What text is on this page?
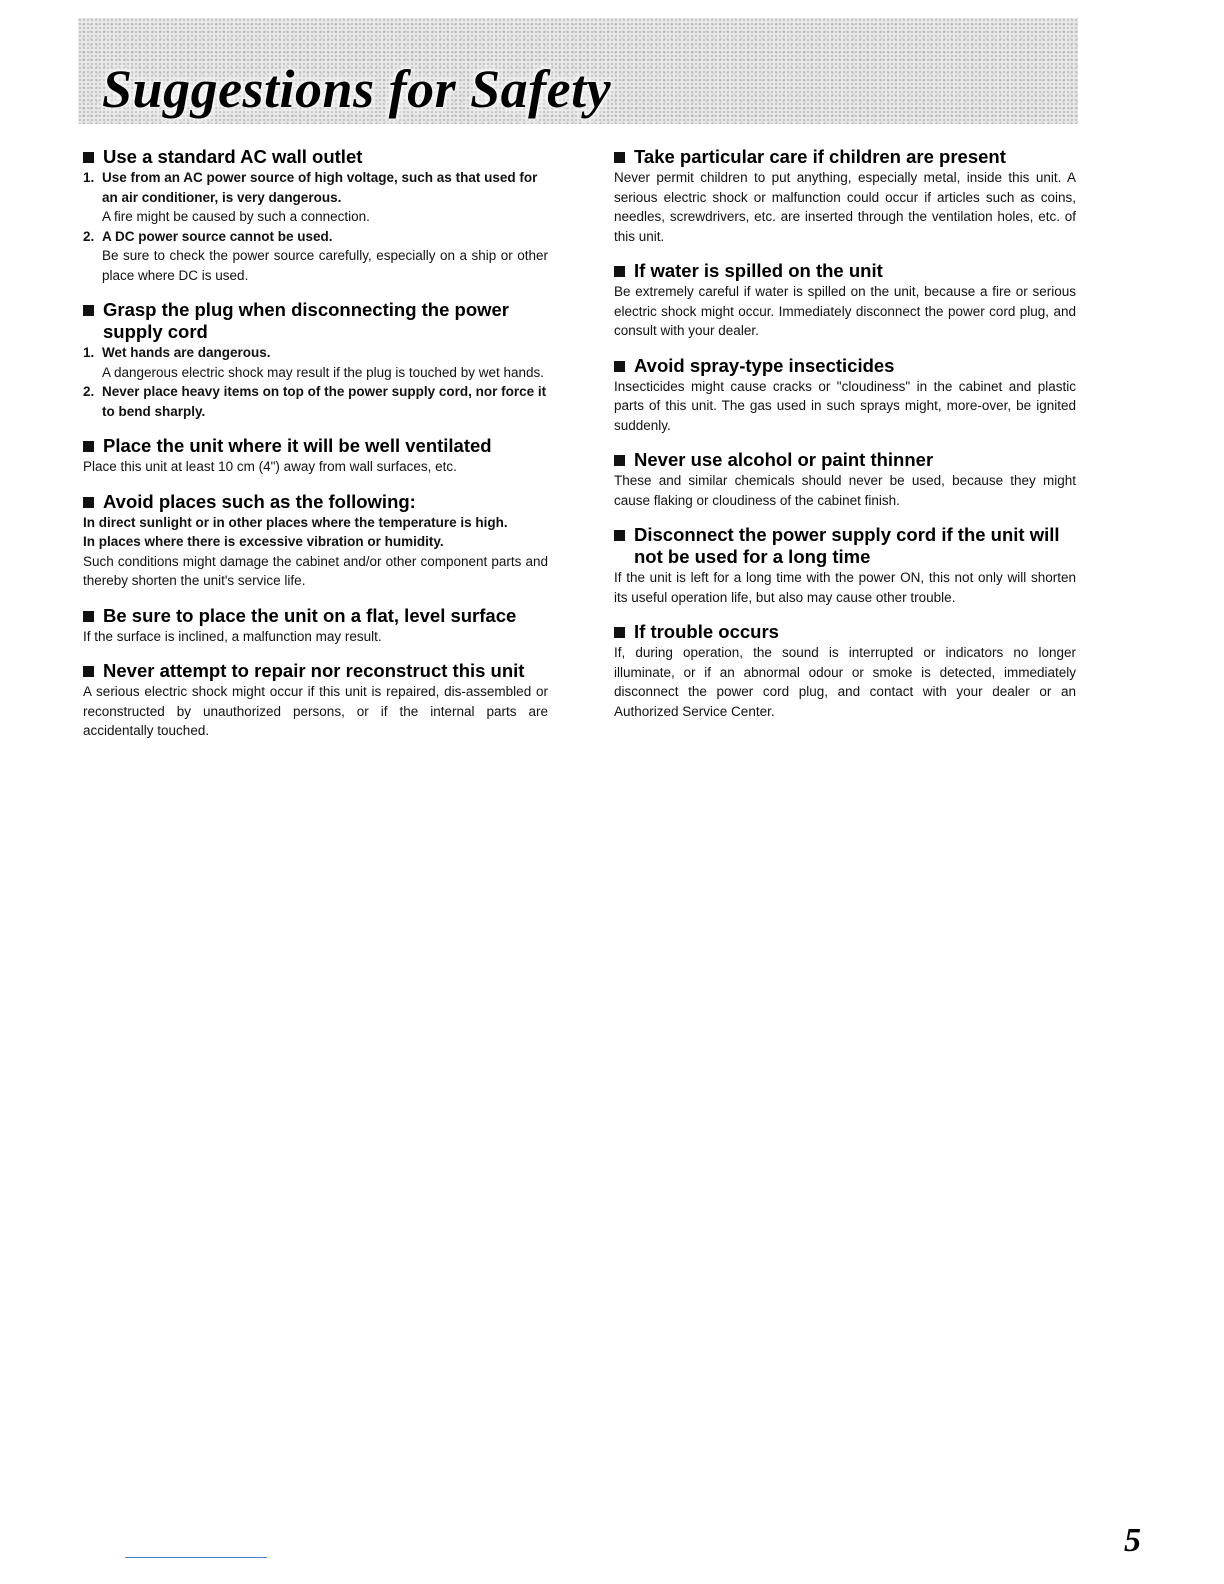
Suggestions for Safety
Use a standard AC wall outlet
1. Use from an AC power source of high voltage, such as that used for an air conditioner, is very dangerous.
A fire might be caused by such a connection.
2. A DC power source cannot be used.
Be sure to check the power source carefully, especially on a ship or other place where DC is used.
Grasp the plug when disconnecting the power supply cord
1. Wet hands are dangerous.
A dangerous electric shock may result if the plug is touched by wet hands.
2. Never place heavy items on top of the power supply cord, nor force it to bend sharply.
Place the unit where it will be well ventilated
Place this unit at least 10 cm (4") away from wall surfaces, etc.
Avoid places such as the following:
In direct sunlight or in other places where the temperature is high.
In places where there is excessive vibration or humidity.
Such conditions might damage the cabinet and/or other component parts and thereby shorten the unit's service life.
Be sure to place the unit on a flat, level surface
If the surface is inclined, a malfunction may result.
Never attempt to repair nor reconstruct this unit
A serious electric shock might occur if this unit is repaired, dis-assembled or reconstructed by unauthorized persons, or if the internal parts are accidentally touched.
Take particular care if children are present
Never permit children to put anything, especially metal, inside this unit. A serious electric shock or malfunction could occur if articles such as coins, needles, screwdrivers, etc. are inserted through the ventilation holes, etc. of this unit.
If water is spilled on the unit
Be extremely careful if water is spilled on the unit, because a fire or serious electric shock might occur. Immediately disconnect the power cord plug, and consult with your dealer.
Avoid spray-type insecticides
Insecticides might cause cracks or "cloudiness" in the cabinet and plastic parts of this unit. The gas used in such sprays might, more-over, be ignited suddenly.
Never use alcohol or paint thinner
These and similar chemicals should never be used, because they might cause flaking or cloudiness of the cabinet finish.
Disconnect the power supply cord if the unit will not be used for a long time
If the unit is left for a long time with the power ON, this not only will shorten its useful operation life, but also may cause other trouble.
If trouble occurs
If, during operation, the sound is interrupted or indicators no longer illuminate, or if an abnormal odour or smoke is detected, immediately disconnect the power cord plug, and contact with your dealer or an Authorized Service Center.
5
